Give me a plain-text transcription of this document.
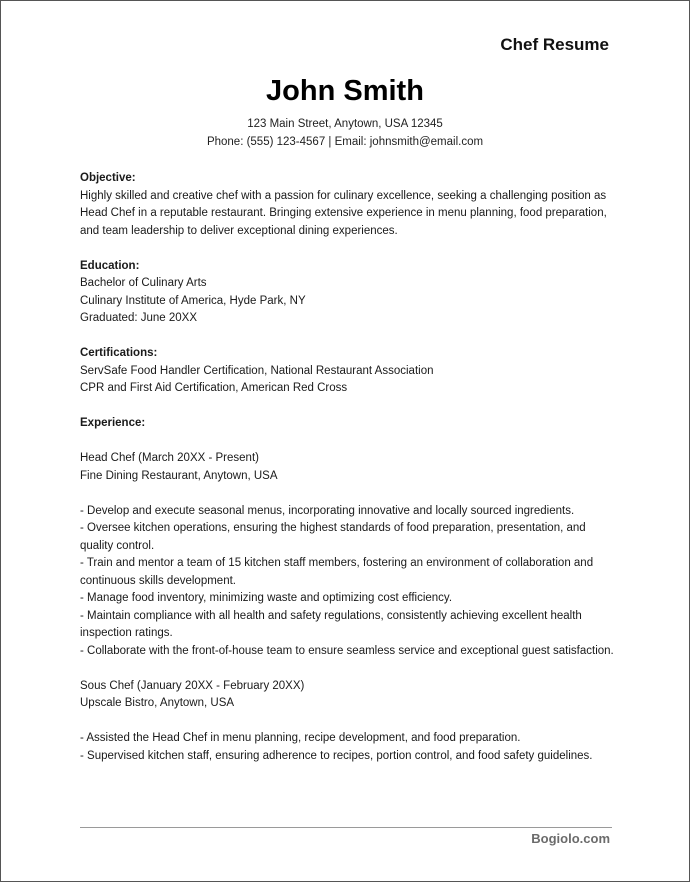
Chef Resume
John Smith
123 Main Street, Anytown, USA 12345
Phone: (555) 123-4567 | Email: johnsmith@email.com
Objective:
Highly skilled and creative chef with a passion for culinary excellence, seeking a challenging position as Head Chef in a reputable restaurant. Bringing extensive experience in menu planning, food preparation, and team leadership to deliver exceptional dining experiences.
Education:
Bachelor of Culinary Arts
Culinary Institute of America, Hyde Park, NY
Graduated: June 20XX
Certifications:
ServSafe Food Handler Certification, National Restaurant Association
CPR and First Aid Certification, American Red Cross
Experience:
Head Chef (March 20XX - Present)
Fine Dining Restaurant, Anytown, USA
- Develop and execute seasonal menus, incorporating innovative and locally sourced ingredients.
- Oversee kitchen operations, ensuring the highest standards of food preparation, presentation, and quality control.
- Train and mentor a team of 15 kitchen staff members, fostering an environment of collaboration and continuous skills development.
- Manage food inventory, minimizing waste and optimizing cost efficiency.
- Maintain compliance with all health and safety regulations, consistently achieving excellent health inspection ratings.
- Collaborate with the front-of-house team to ensure seamless service and exceptional guest satisfaction.
Sous Chef (January 20XX - February 20XX)
Upscale Bistro, Anytown, USA
- Assisted the Head Chef in menu planning, recipe development, and food preparation.
- Supervised kitchen staff, ensuring adherence to recipes, portion control, and food safety guidelines.
Bogiolo.com
